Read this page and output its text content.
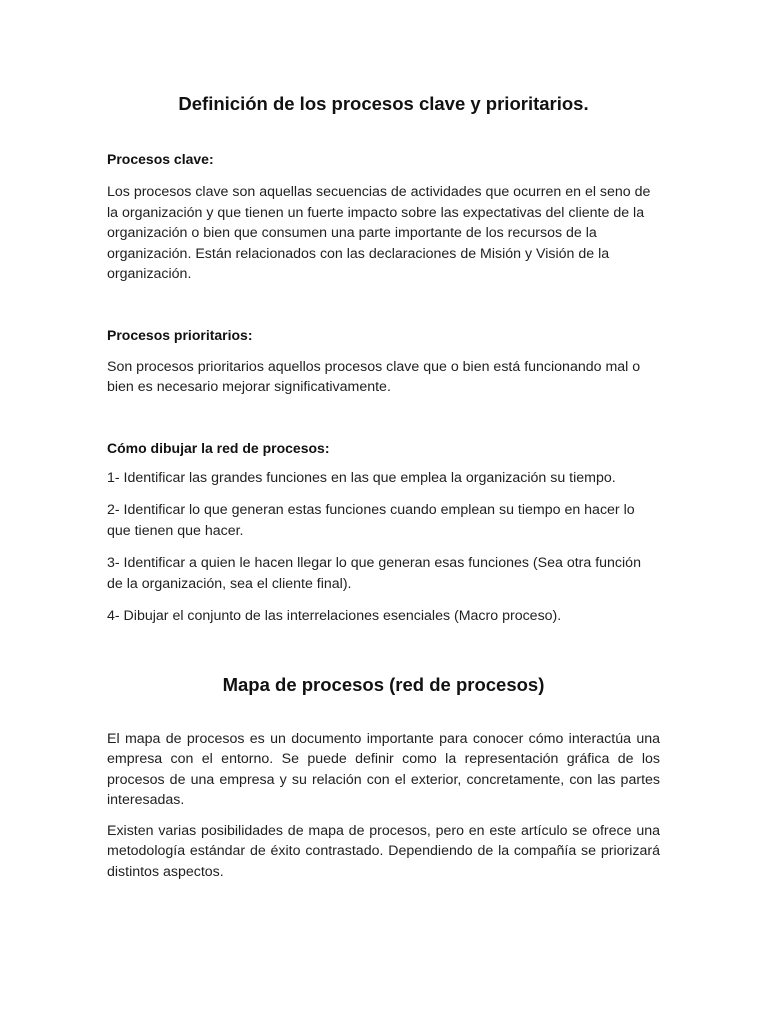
Definición de los procesos clave y prioritarios.
Procesos clave:

Los procesos clave son aquellas secuencias de actividades que ocurren en el seno de la organización y que tienen un fuerte impacto sobre las expectativas del cliente de la organización o bien que consumen una parte importante de los recursos de la organización. Están relacionados con las declaraciones de Misión y Visión de la organización.

Procesos prioritarios:

Son procesos prioritarios aquellos procesos clave que o bien está funcionando mal o bien es necesario mejorar significativamente.

Cómo dibujar la red de procesos:

1- Identificar las grandes funciones en las que emplea la organización su tiempo.

2- Identificar lo que generan estas funciones cuando emplean su tiempo en hacer lo que tienen que hacer.

3- Identificar a quien le hacen llegar lo que generan esas funciones (Sea otra función de la organización, sea el cliente final).

4- Dibujar el conjunto de las interrelaciones esenciales (Macro proceso).

Mapa de procesos (red de procesos)

El mapa de procesos es un documento importante para conocer cómo interactúa una empresa con el entorno. Se puede definir como la representación gráfica de los procesos de una empresa y su relación con el exterior, concretamente, con las partes interesadas.

Existen varias posibilidades de mapa de procesos, pero en este artículo se ofrece una metodología estándar de éxito contrastado. Dependiendo de la compañía se priorizará distintos aspectos.
